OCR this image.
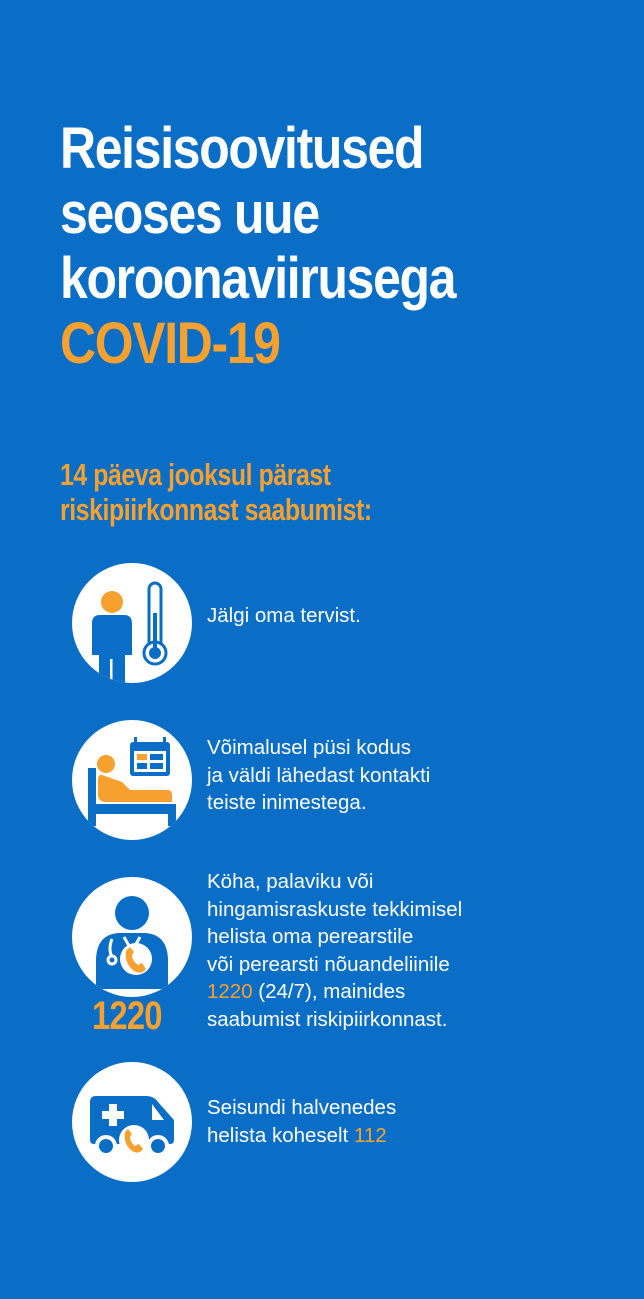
Reisisoovitused
seoses uue
koroonaviirusega
COVID-19
14 päeva jooksul pärast
riskipiirkonnast saabumist:
Jälgi oma tervist.
Võimalusel püsi kodus
ja väldi lähedast kontakti
teiste inimestega.
1220
Köha, palaviku või
hingamisraskuste tekkimisel
helista oma perearstile
või perearsti nõuandeliinile
1220 (24/7), mainides
saabumist riskipiirkonnast.
Seisundi halvenedes
helista koheselt 112
